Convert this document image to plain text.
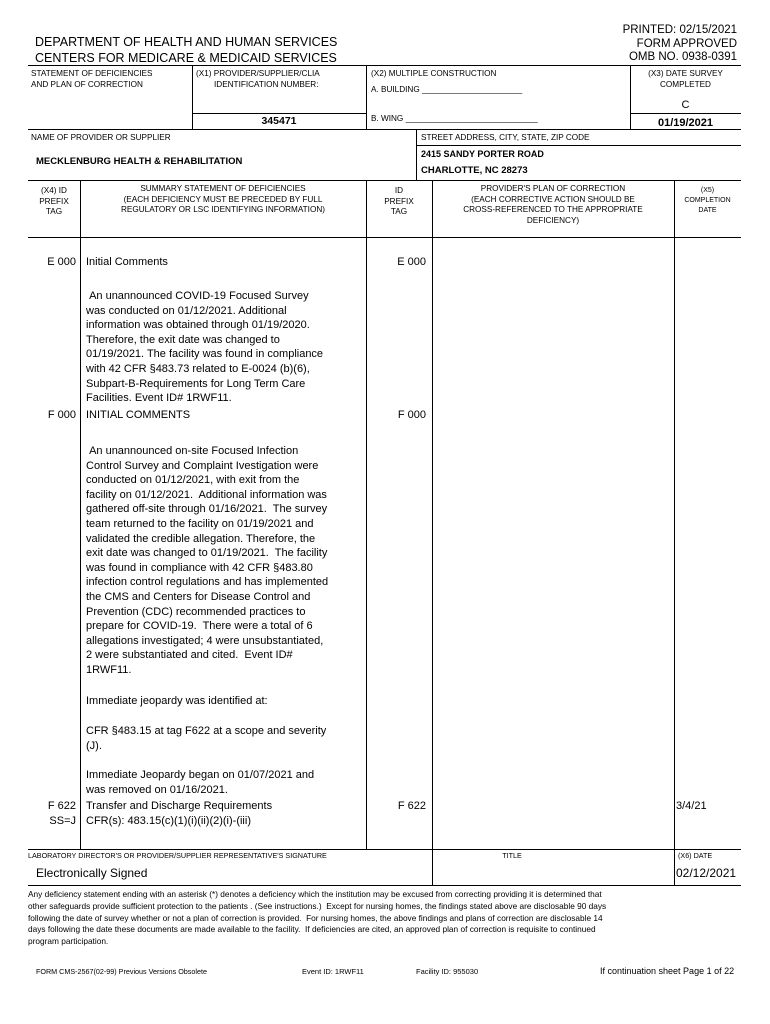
DEPARTMENT OF HEALTH AND HUMAN SERVICES
CENTERS FOR MEDICARE & MEDICAID SERVICES
PRINTED: 02/15/2021
FORM APPROVED
OMB NO. 0938-0391
STATEMENT OF DEFICIENCIES
AND PLAN OF CORRECTION
(X1) PROVIDER/SUPPLIER/CLIA
IDENTIFICATION NUMBER:
345471
(X2) MULTIPLE CONSTRUCTION
A. BUILDING ______________________
B. WING _____________________________
(X3) DATE SURVEY
COMPLETED
C
01/19/2021
NAME OF PROVIDER OR SUPPLIER
MECKLENBURG HEALTH & REHABILITATION
STREET ADDRESS, CITY, STATE, ZIP CODE
2415 SANDY PORTER ROAD
CHARLOTTE, NC 28273
(X4) ID
PREFIX
TAG
SUMMARY STATEMENT OF DEFICIENCIES
(EACH DEFICIENCY MUST BE PRECEDED BY FULL
REGULATORY OR LSC IDENTIFYING INFORMATION)
ID
PREFIX
TAG
PROVIDER'S PLAN OF CORRECTION
(EACH CORRECTIVE ACTION SHOULD BE
CROSS-REFERENCED TO THE APPROPRIATE
DEFICIENCY)
(X5)
COMPLETION
DATE
E 000 Initial Comments	E 000
An unannounced COVID-19 Focused Survey
was conducted on 01/12/2021. Additional
information was obtained through 01/19/2020.
Therefore, the exit date was changed to
01/19/2021. The facility was found in compliance
with 42 CFR §483.73 related to E-0024 (b)(6),
Subpart-B-Requirements for Long Term Care
Facilities. Event ID# 1RWF11.
F 000 INITIAL COMMENTS	F 000
An unannounced on-site Focused Infection
Control Survey and Complaint Ivestigation were
conducted on 01/12/2021, with exit from the
facility on 01/12/2021.  Additional information was
gathered off-site through 01/16/2021.  The survey
team returned to the facility on 01/19/2021 and
validated the credible allegation. Therefore, the
exit date was changed to 01/19/2021.  The facility
was found in compliance with 42 CFR §483.80
infection control regulations and has implemented
the CMS and Centers for Disease Control and
Prevention (CDC) recommended practices to
prepare for COVID-19.  There were a total of 6
allegations investigated; 4 were unsubstantiated,
2 were substantiated and cited.  Event ID#
1RWF11.
Immediate jeopardy was identified at:
CFR §483.15 at tag F622 at a scope and severity
(J).
Immediate Jeopardy began on 01/07/2021 and
was removed on 01/16/2021.
F 622
SS=J
Transfer and Discharge Requirements
CFR(s): 483.15(c)(1)(i)(ii)(2)(i)-(iii)
F 622	3/4/21
LABORATORY DIRECTOR'S OR PROVIDER/SUPPLIER REPRESENTATIVE'S SIGNATURE
Electronically Signed
TITLE	(X6) DATE
02/12/2021
Any deficiency statement ending with an asterisk (*) denotes a deficiency which the institution may be excused from correcting providing it is determined that
other safeguards provide sufficient protection to the patients . (See instructions.)  Except for nursing homes, the findings stated above are disclosable 90 days
following the date of survey whether or not a plan of correction is provided.  For nursing homes, the above findings and plans of correction are disclosable 14
days following the date these documents are made available to the facility.  If deficiencies are cited, an approved plan of correction is requisite to continued
program participation.
FORM CMS-2567(02-99) Previous Versions Obsolete	Event ID: 1RWF11	Facility ID: 955030	If continuation sheet Page 1 of 22
